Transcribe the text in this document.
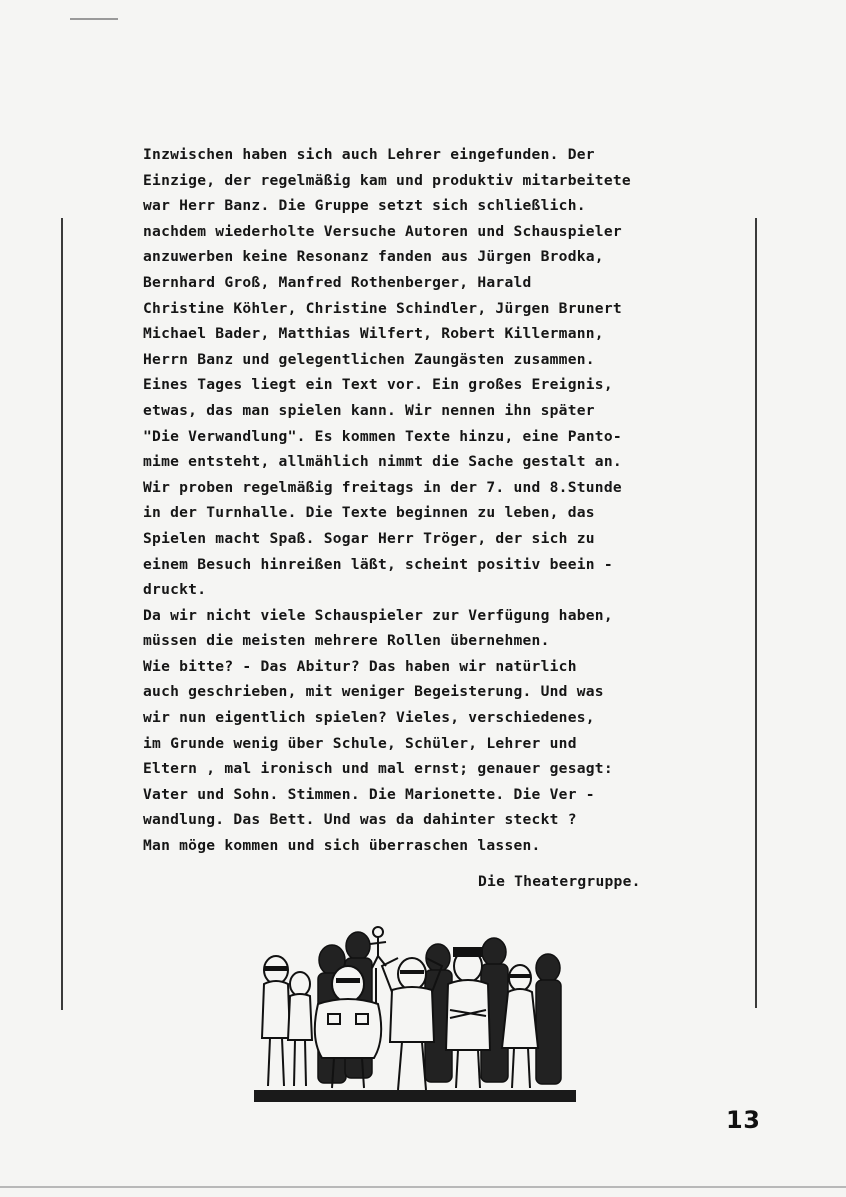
Inzwischen haben sich auch Lehrer eingefunden. Der
Einzige, der regelmäßig kam und produktiv mitarbeitete
war Herr Banz. Die Gruppe setzt sich schließlich.
nachdem wiederholte Versuche Autoren und Schauspieler
anzuwerben keine Resonanz fanden aus Jürgen Brodka,
Bernhard Groß, Manfred Rothenberger, Harald
Christine Köhler, Christine Schindler, Jürgen Brunert
Michael Bader, Matthias Wilfert, Robert Killermann,
Herrn Banz und gelegentlichen Zaungästen zusammen.
Eines Tages liegt ein Text vor. Ein großes Ereignis,
etwas, das man spielen kann. Wir nennen ihn später
"Die Verwandlung". Es kommen Texte hinzu, eine Panto-
mime entsteht, allmählich nimmt die Sache gestalt an.
Wir proben regelmäßig freitags in der 7. und 8.Stunde
in der Turnhalle. Die Texte beginnen zu leben, das
Spielen macht Spaß. Sogar Herr Tröger, der sich zu
einem Besuch hinreißen läßt, scheint positiv beein -
druckt.
Da wir nicht viele Schauspieler zur Verfügung haben,
müssen die meisten mehrere Rollen übernehmen.
Wie bitte? - Das Abitur? Das haben wir natürlich
auch geschrieben, mit weniger Begeisterung. Und was
wir nun eigentlich spielen? Vieles, verschiedenes,
im Grunde wenig über Schule, Schüler, Lehrer und
Eltern , mal ironisch und mal ernst; genauer gesagt:
Vater und Sohn. Stimmen. Die Marionette. Die Ver -
wandlung. Das Bett. Und was da dahinter steckt ?
Man möge kommen und sich überraschen lassen.
Die Theatergruppe.
13
